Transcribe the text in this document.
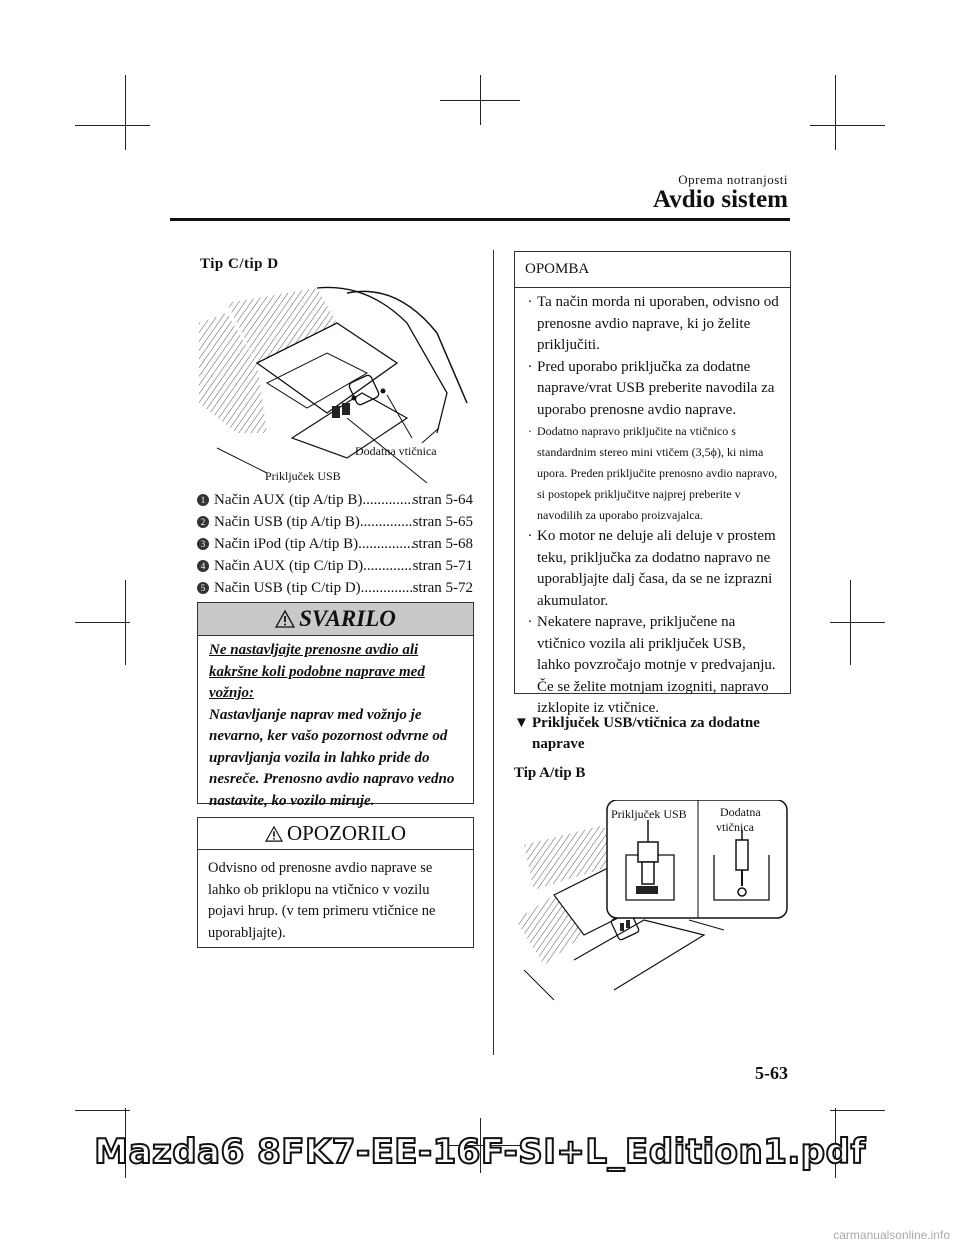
Oprema notranjosti
Avdio sistem
Tip C/tip D
Dodatna vtičnica
Priključek USB
1 Način AUX (tip A/tip B) .....	stran 5-64
2 Način USB (tip A/tip B) .....	stran 5-65
3 Način iPod (tip A/tip B) .....	stran 5-68
4 Način AUX (tip C/tip D) .....	stran 5-71
5 Način USB (tip C/tip D) .....	stran 5-72
SVARILO
Ne nastavljajte prenosne avdio ali kakršne koli podobne naprave med vožnjo:
Nastavljanje naprav med vožnjo je nevarno, ker vašo pozornost odvrne od upravljanja vozila in lahko pride do nesreče. Prenosno avdio napravo vedno nastavite, ko vozilo miruje.
OPOZORILO
Odvisno od prenosne avdio naprave se lahko ob priklopu na vtičnico v vozilu pojavi hrup. (v tem primeru vtičnice ne uporabljajte).
OPOMBA
· Ta način morda ni uporaben, odvisno od prenosne avdio naprave, ki jo želite priključiti.
· Pred uporabo priključka za dodatne naprave/vrat USB preberite navodila za uporabo prenosne avdio naprave.
· Dodatno napravo priključite na vtičnico s standardnim stereo mini vtičem (3,5ϕ), ki nima upora. Preden priključite prenosno avdio napravo, si postopek priključitve najprej preberite v navodilih za uporabo proizvajalca.
· Ko motor ne deluje ali deluje v prostem teku, priključka za dodatno napravo ne uporabljajte dalj časa, da se ne izprazni akumulator.
· Nekatere naprave, priključene na vtičnico vozila ali priključek USB, lahko povzročajo motnje v predvajanju. Če se želite motnjam izogniti, napravo izklopite iz vtičnice.
▼ Priključek USB/vtičnica za dodatne naprave
Tip A/tip B
Priključek USB	Dodatna
vtičnica
5-63
Mazda6 8FK7-EE-16F-SI+L_Edition1.pdf
carmanualsonline.info
